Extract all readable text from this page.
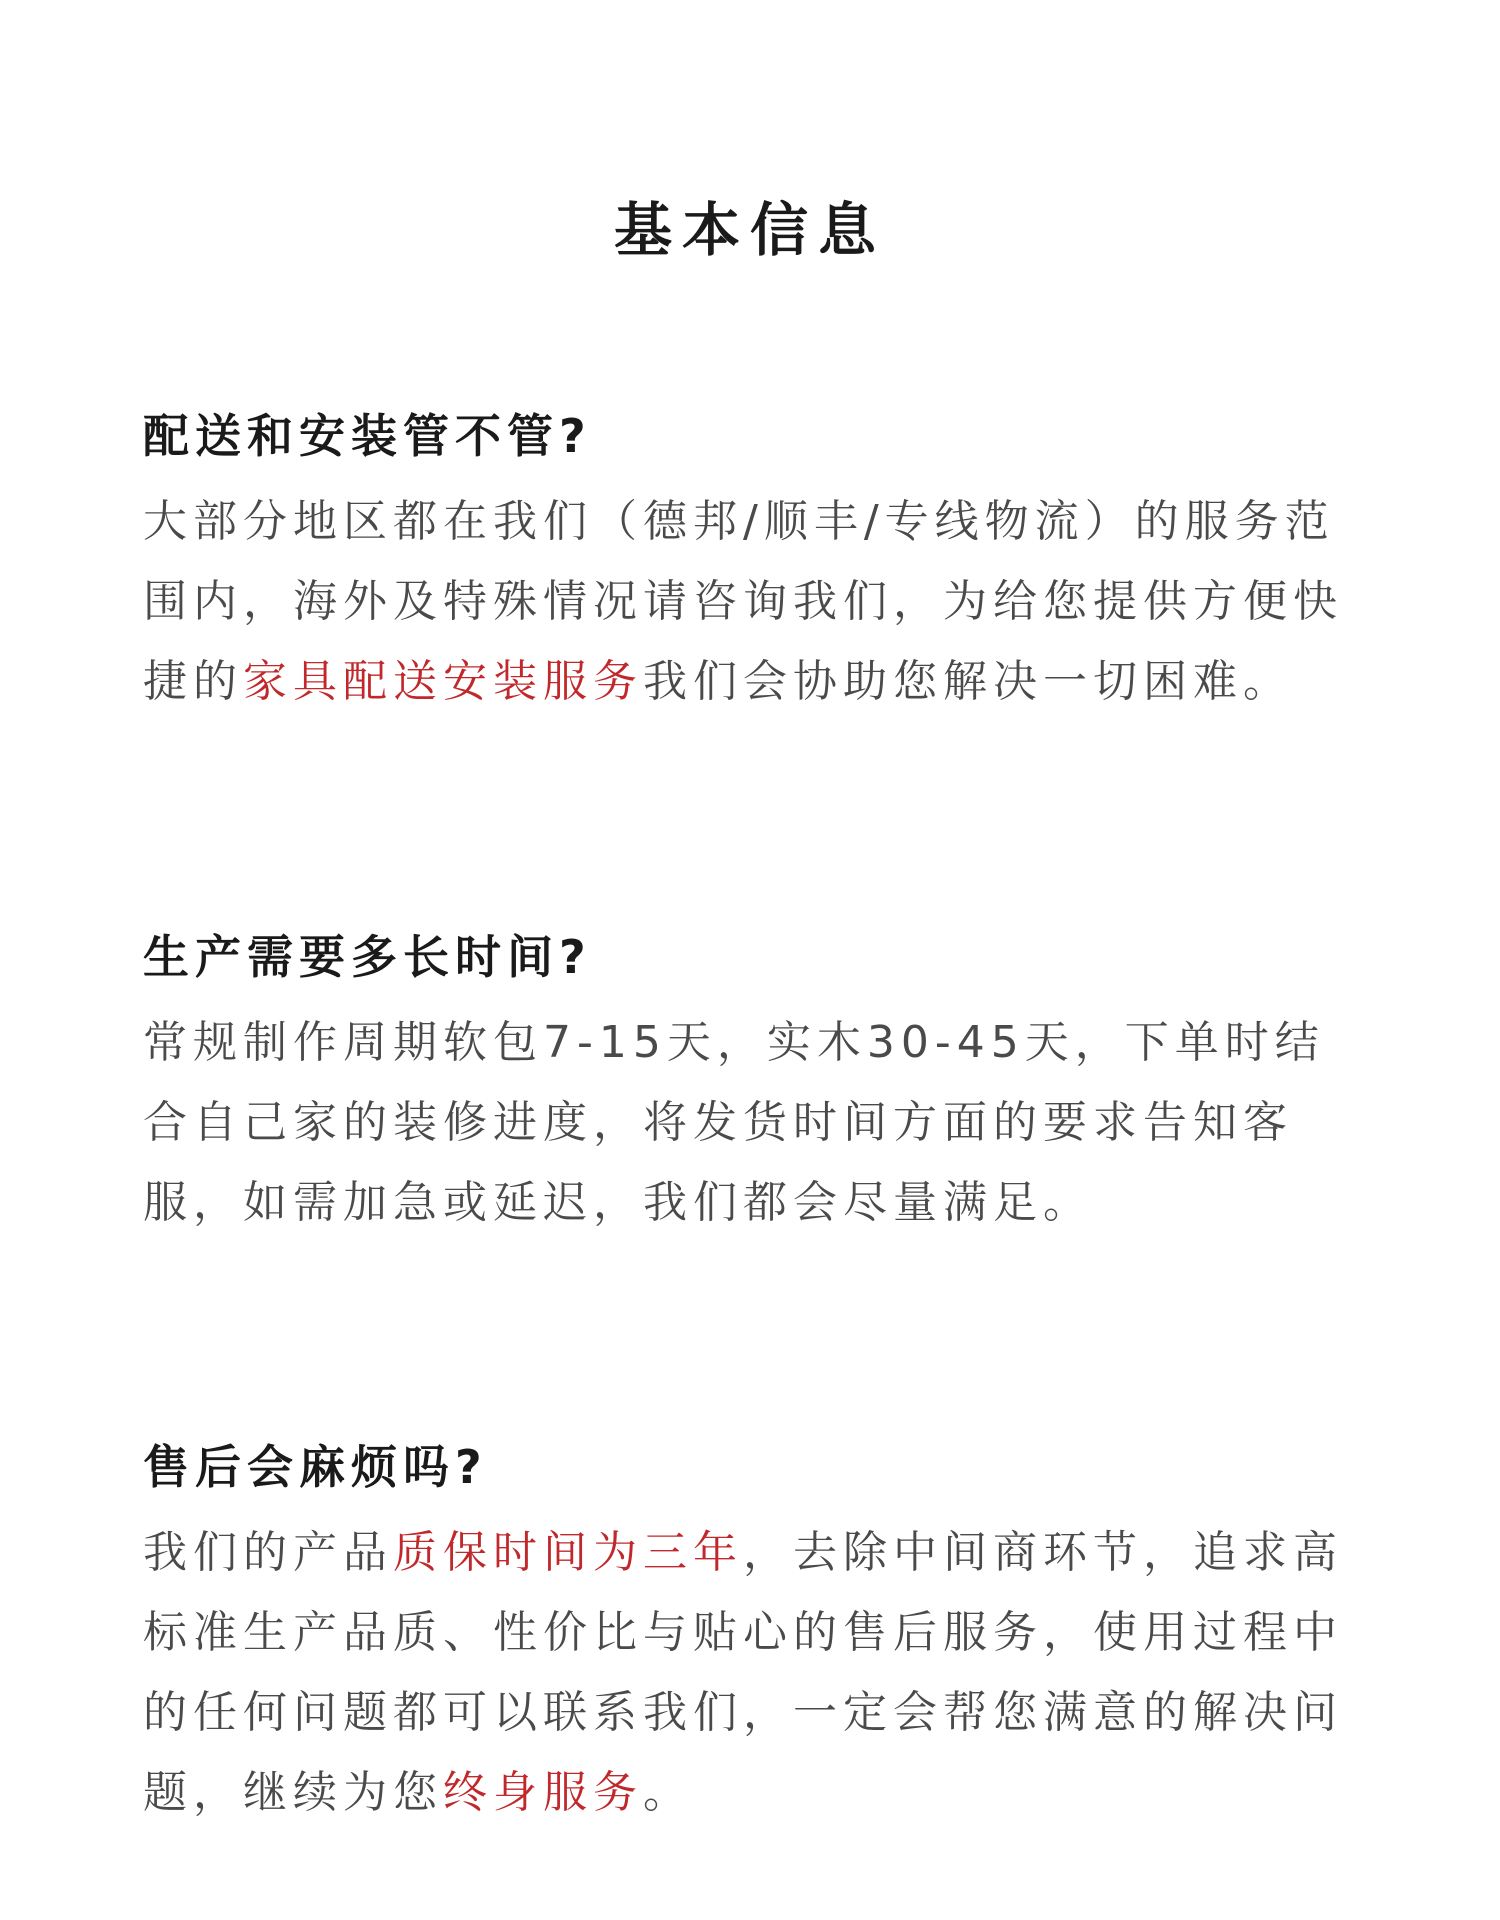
基本信息
配送和安装管不管?

大部分地区都在我们（德邦/顺丰/专线物流）的服务范围内，海外及特殊情况请咨询我们，为给您提供方便快捷的家具配送安装服务我们会协助您解决一切困难。

生产需要多长时间?

常规制作周期软包7-15天，实木30-45天，下单时结合自己家的装修进度，将发货时间方面的要求告知客服，如需加急或延迟，我们都会尽量满足。

售后会麻烦吗?

我们的产品质保时间为三年，去除中间商环节，追求高标准生产品质、性价比与贴心的售后服务，使用过程中的任何问题都可以联系我们，一定会帮您满意的解决问题，继续为您终身服务。
